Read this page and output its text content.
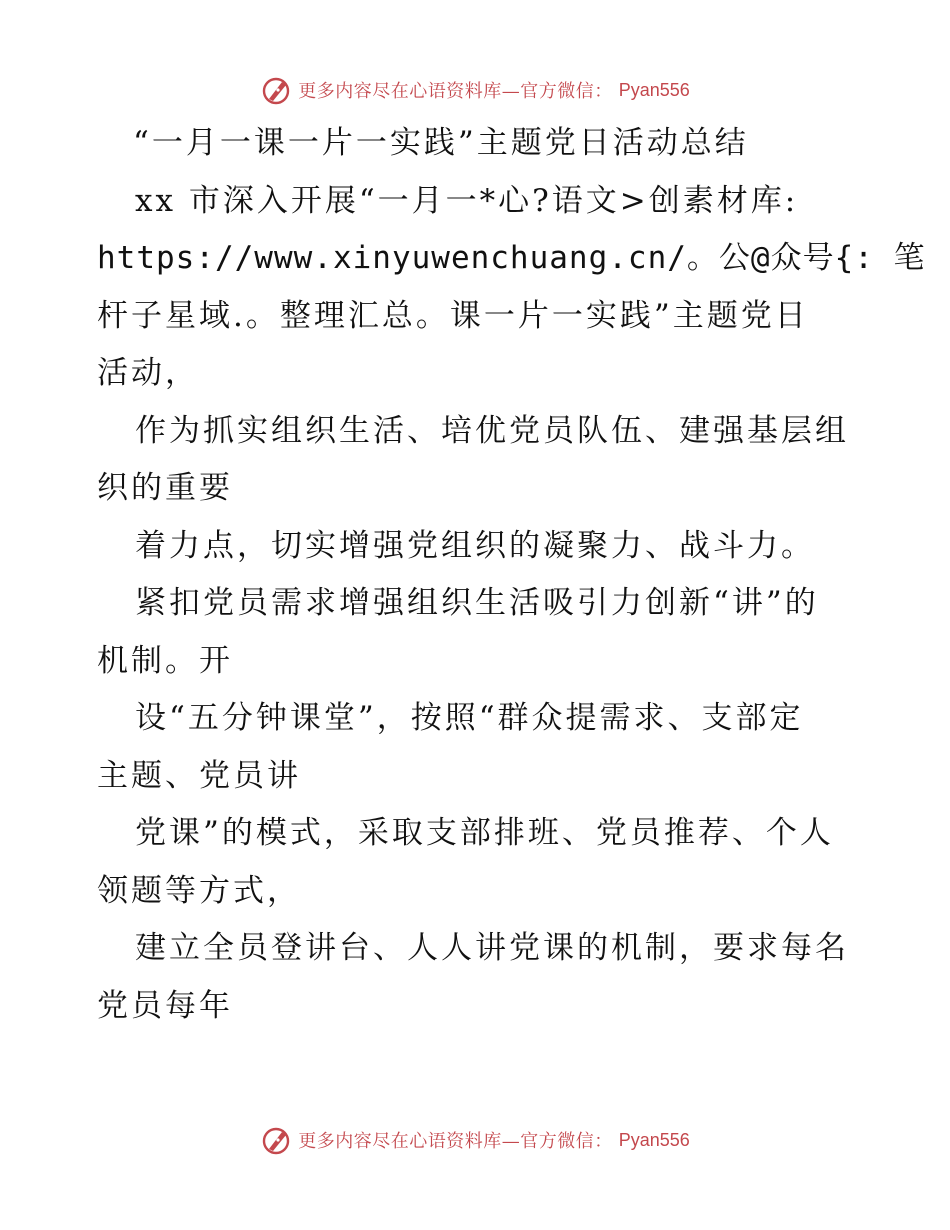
更多内容尽在心语资料库—官方微信： Pyan556
“一月一课一片一实践”主题党日活动总结
xx 市深入开展“一月一*心?语文>创素材库:
https://www.xinyuwenchuang.cn/。公@众号{: 笔
杆子星域.。整理汇总。课一片一实践”主题党日
活动，
作为抓实组织生活、培优党员队伍、建强基层组
织的重要
着力点，切实增强党组织的凝聚力、战斗力。
紧扣党员需求增强组织生活吸引力创新“讲”的
机制。开
设“五分钟课堂”，按照“群众提需求、支部定
主题、党员讲
党课”的模式，采取支部排班、党员推荐、个人
领题等方式，
建立全员登讲台、人人讲党课的机制，要求每名
党员每年
更多内容尽在心语资料库—官方微信： Pyan556
